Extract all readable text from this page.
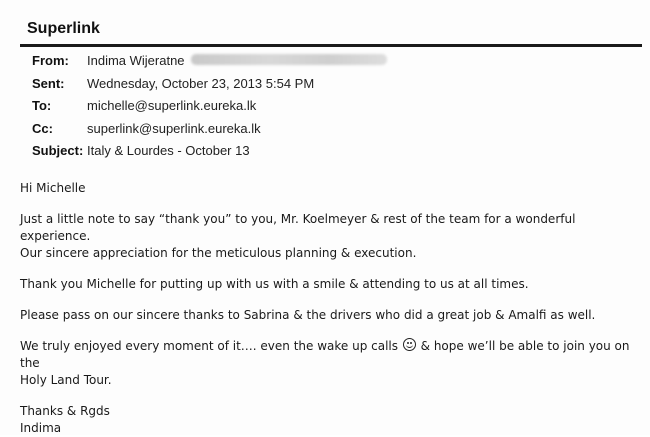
Superlink
From:	Indima Wijeratne
Sent:	Wednesday, October 23, 2013 5:54 PM
To:	michelle@superlink.eureka.lk
Cc:	superlink@superlink.eureka.lk
Subject: Italy & Lourdes - October 13

Hi Michelle

Just a little note to say “thank you” to you, Mr. Koelmeyer & rest of the team for a wonderful experience.
Our sincere appreciation for the meticulous planning & execution.

Thank you Michelle for putting up with us with a smile & attending to us at all times.

Please pass on our sincere thanks to Sabrina & the drivers who did a great job & Amalfi as well.

We truly enjoyed every moment of it…. even the wake up calls
& hope we’ll be able to join you on the
Holy Land Tour.

Thanks & Rgds

Indima
